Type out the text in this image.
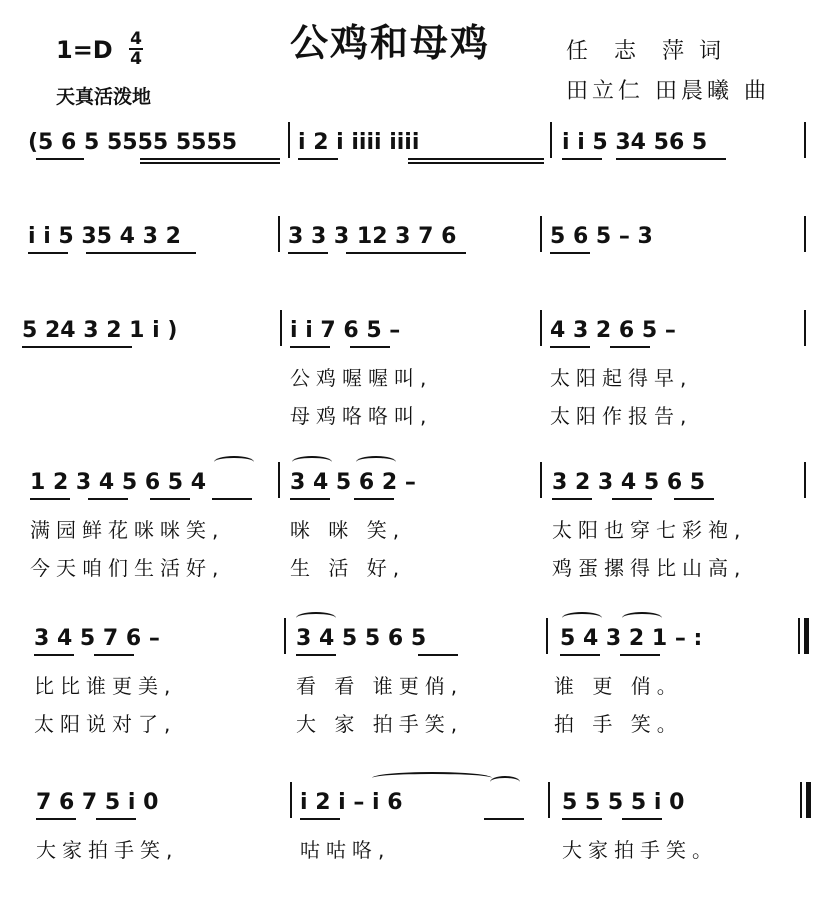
公鸡和母鸡
$1=D \frac{4}{4}$
天真活泼地
任  志  萍 词
田立仁 田晨曦 曲
(5 6 5 5555 5555	i 2 i iiii iiii	i i 5 34 56 5
i i 5 35 4 3 2	3 3 3 12 3 7 6	5 6 5 – 3
5 24 3 2 1 i )	i i 7 6 5 –	4 3 2 6 5 –
公鸡喔喔叫,	太阳起得早,
母鸡咯咯叫,	太阳作报告,
1 2 3 4 5 6 5 4	3 4 5 6 2 –	3 2 3 4 5 6 5
满园鲜花咪咪笑,	咪 咪 笑,	太阳也穿七彩袍,
今天咱们生活好,	生 活 好,	鸡蛋摞得比山高,
3 4 5 7 6 –	3 4 5 5 6 5	5 4 3 2 1 – :
比比谁更美,	看 看 谁更俏,	谁 更 俏。
太阳说对了,	大 家 拍手笑,	拍 手 笑。
7 6 7 5 i 0	i 2 i – i 6	5 5 5 5 i 0
大家拍手笑,	咕咕咯,	大家拍手笑。
